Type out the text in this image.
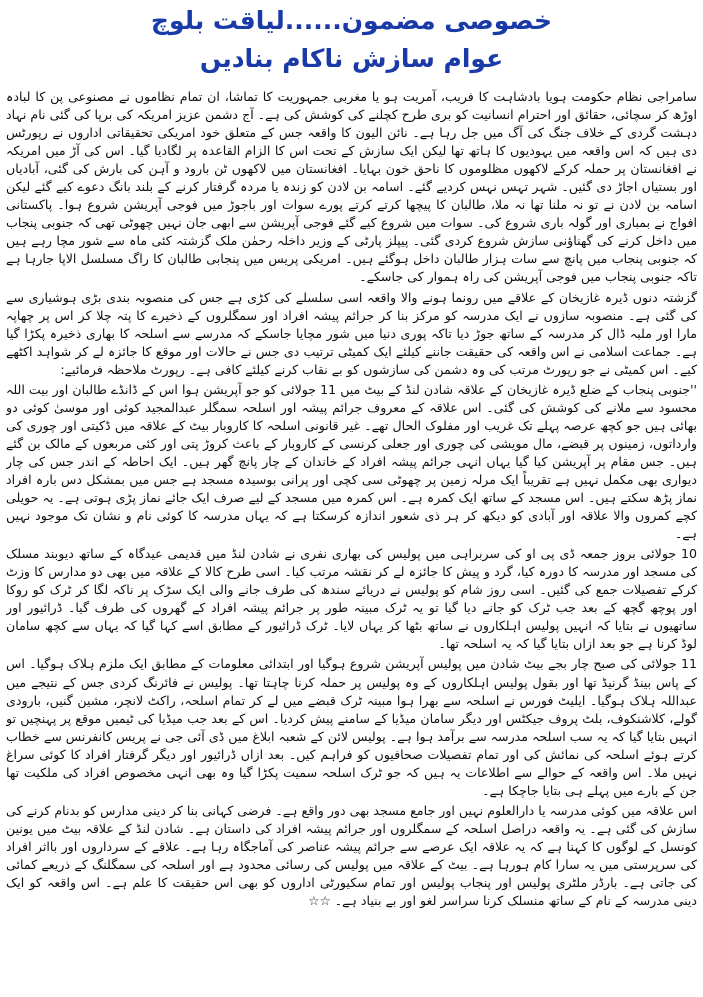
خصوصی مضمون......لیاقت بلوچ
عوام سازش ناکام بنادیں

سامراجی نظام حکومت ہویا بادشاہت کا فریب، آمریت ہو یا مغربی جمہوریت کا تماشا، ان تمام نظاموں نے مصنوعی پن کا لبادہ اوڑھ کر سچائی، حقائق اور احترام انسانیت کو بری طرح کچلنے کی کوشش کی ہے۔ آج دشمن عزیز امریکہ کی برپا کی گئی نام نہاد دہشت گردی کے خلاف جنگ کی آگ میں جل رہا ہے۔ نائن الیون کا واقعہ جس کے متعلق خود امریکی تحقیقاتی اداروں نے رپورٹس دی ہیں کہ اس واقعہ میں یہودیوں کا ہاتھ تھا لیکن ایک سازش کے تحت اس کا الزام القاعدہ پر لگادیا گیا۔ اس کی آڑ میں امریکہ نے افغانستان پر حملہ کرکے لاکھوں مظلوموں کا ناحق خون بہایا۔ افغانستان میں لاکھوں ٹن بارود و آہن کی بارش کی گئی، آبادیاں اور بستیاں اجاڑ دی گئیں۔ شہر تہس نہس کردیے گئے۔ اسامہ بن لادن کو زندہ یا مردہ گرفتار کرنے کے بلند بانگ دعوے کیے گئے لیکن اسامہ بن لادن نے تو نہ ملنا تھا نہ ملا، طالبان کا پیچھا کرتے کرتے پورے سوات اور باجوڑ میں فوجی آپریشن شروع ہوا۔ پاکستانی افواج نے بمباری اور گولہ باری شروع کی۔ سوات میں شروع کیے گئے فوجی آپریشن سے ابھی جان نہیں چھوٹی تھی کہ جنوبی پنجاب میں داخل کرنے کی گھناؤنی سازش شروع کردی گئی۔ پیپلز پارٹی کے وزیر داخلہ رحمٰن ملک گزشتہ کئی ماہ سے شور مچا رہے ہیں کہ جنوبی پنجاب میں پانچ سے سات ہزار طالبان داخل ہوگئے ہیں۔ امریکی پریس میں پنجابی طالبان کا راگ مسلسل الاپا جارہا ہے تاکہ جنوبی پنجاب میں فوجی آپریشن کی راہ ہموار کی جاسکے۔

گزشتہ دنوں ڈیرہ غازیخان کے علاقے میں رونما ہونے والا واقعہ اسی سلسلے کی کڑی ہے جس کی منصوبہ بندی بڑی ہوشیاری سے کی گئی ہے۔ منصوبہ سازوں نے ایک مدرسہ کو مرکز بنا کر جرائم پیشہ افراد اور سمگلروں کے ذخیرے کا پتہ چلا کر اس پر چھاپہ مارا اور ملبہ ڈال کر مدرسہ کے ساتھ جوڑ دیا تاکہ پوری دنیا میں شور مچایا جاسکے کہ مدرسے سے اسلحہ کا بھاری ذخیرہ پکڑا گیا ہے۔ جماعت اسلامی نے اس واقعہ کی حقیقت جاننے کیلئے ایک کمیٹی ترتیب دی جس نے حالات اور موقع کا جائزہ لے کر شواہد اکٹھے کیے۔ اس کمیٹی نے جو رپورٹ مرتب کی وہ دشمن کی سازشوں کو بے نقاب کرنے کیلئے کافی ہے۔ رپورٹ ملاحظہ فرمائیے:

''جنوبی پنجاب کے ضلع ڈیرہ غازیخان کے علاقہ شادن لنڈ کے بیٹ میں 11 جولائی کو جو آپریشن ہوا اس کے ڈانڈے طالبان اور بیت اللہ محسود سے ملانے کی کوشش کی گئی۔ اس علاقہ کے معروف جرائم پیشہ اور اسلحہ سمگلر عبدالمجید کوئی اور موسیٰ کوئی دو بھائی ہیں جو کچھ عرصہ پہلے تک غریب اور مفلوک الحال تھے۔ غیر قانونی اسلحہ کا کاروبار بیٹ کے علاقہ میں ڈکیتی اور چوری کی وارداتوں، زمینوں پر قبضے، مال مویشی کی چوری اور جعلی کرنسی کے کاروبار کے باعث کروڑ پتی اور کئی مربعوں کے مالک بن گئے ہیں۔ جس مقام پر آپریشن کیا گیا یہاں انہی جرائم پیشہ افراد کے خاندان کے چار پانچ گھر ہیں۔ ایک احاطہ کے اندر جس کی چار دیواری بھی مکمل نہیں ہے تقریباً ایک مرلہ زمین پر چھوٹی سی کچی اور پرانی بوسیدہ مسجد ہے جس میں بمشکل دس بارہ افراد نماز پڑھ سکتے ہیں۔ اس مسجد کے ساتھ ایک کمرہ ہے۔ اس کمرہ میں مسجد کے لیے صرف ایک جائے نماز پڑی ہوتی ہے۔ یہ حویلی کچے کمروں والا علاقہ اور آبادی کو دیکھ کر ہر ذی شعور اندازہ کرسکتا ہے کہ یہاں مدرسہ کا کوئی نام و نشان تک موجود نہیں ہے۔

10 جولائی بروز جمعہ ڈی پی او کی سربراہی میں پولیس کی بھاری نفری نے شادن لنڈ میں قدیمی عیدگاہ کے ساتھ دیوبند مسلک کی مسجد اور مدرسہ کا دورہ کیا، گرد و پیش کا جائزہ لے کر نقشہ مرتب کیا۔ اسی طرح کالا کے علاقہ میں بھی دو مدارس کا وزٹ کرکے تفصیلات جمع کی گئیں۔ اسی روز شام کو پولیس نے دریائے سندھ کی طرف جانے والی ایک سڑک پر ناکہ لگا کر ٹرک کو روکا اور پوچھ گچھ کے بعد جب ٹرک کو جانے دیا گیا تو یہ ٹرک مبینہ طور پر جرائم پیشہ افراد کے گھروں کی طرف گیا۔ ڈرائیور اور ساتھیوں نے بتایا کہ انہیں پولیس اہلکاروں نے ساتھ بٹھا کر یہاں لایا۔ ٹرک ڈرائیور کے مطابق اسے کہا گیا کہ یہاں سے کچھ سامان لوڈ کرنا ہے جو بعد ازاں بتایا گیا کہ یہ اسلحہ تھا۔

11 جولائی کی صبح چار بجے بیٹ شادن میں پولیس آپریشن شروع ہوگیا اور ابتدائی معلومات کے مطابق ایک ملزم ہلاک ہوگیا۔ اس کے پاس بینڈ گرنیڈ تھا اور بقول پولیس اہلکاروں کے وہ پولیس پر حملہ کرنا چاہتا تھا۔ پولیس نے فائرنگ کردی جس کے نتیجے میں عبداللہ ہلاک ہوگیا۔ ایلیٹ فورس نے اسلحہ سے بھرا ہوا مبینہ ٹرک قبضے میں لے کر تمام اسلحہ، راکٹ لانچر، مشین گنیں، بارودی گولے، کلاشنکوف، بلٹ پروف جیکٹس اور دیگر سامان میڈیا کے سامنے پیش کردیا۔ اس کے بعد جب میڈیا کی ٹیمیں موقع پر پہنچیں تو انہیں بتایا گیا کہ یہ سب اسلحہ مدرسہ سے برآمد ہوا ہے۔ پولیس لائن کے شعبہ ابلاغ میں ڈی آئی جی نے پریس کانفرنس سے خطاب کرتے ہوئے اسلحہ کی نمائش کی اور تمام تفصیلات صحافیوں کو فراہم کیں۔ بعد ازاں ڈرائیور اور دیگر گرفتار افراد کا کوئی سراغ نہیں ملا۔ اس واقعہ کے حوالے سے اطلاعات یہ ہیں کہ جو ٹرک اسلحہ سمیت پکڑا گیا وہ بھی انہی مخصوص افراد کی ملکیت تھا جن کے بارے میں پہلے ہی بتایا جاچکا ہے۔

اس علاقہ میں کوئی مدرسہ یا دارالعلوم نہیں اور جامع مسجد بھی دور واقع ہے۔ فرضی کہانی بنا کر دینی مدارس کو بدنام کرنے کی سازش کی گئی ہے۔ یہ واقعہ دراصل اسلحہ کے سمگلروں اور جرائم پیشہ افراد کی داستان ہے۔ شادن لنڈ کے علاقہ بیٹ میں یونین کونسل کے لوگوں کا کہنا ہے کہ یہ علاقہ ایک عرصے سے جرائم پیشہ عناصر کی آماجگاہ رہا ہے۔ علاقے کے سرداروں اور بااثر افراد کی سرپرستی میں یہ سارا کام ہورہا ہے۔ بیٹ کے علاقہ میں پولیس کی رسائی محدود ہے اور اسلحہ کی سمگلنگ کے ذریعے کمائی کی جاتی ہے۔ بارڈر ملٹری پولیس اور پنجاب پولیس اور تمام سکیورٹی اداروں کو بھی اس حقیقت کا علم ہے۔ اس واقعہ کو ایک دینی مدرسہ کے نام کے ساتھ منسلک کرنا سراسر لغو اور بے بنیاد ہے۔ ☆☆
